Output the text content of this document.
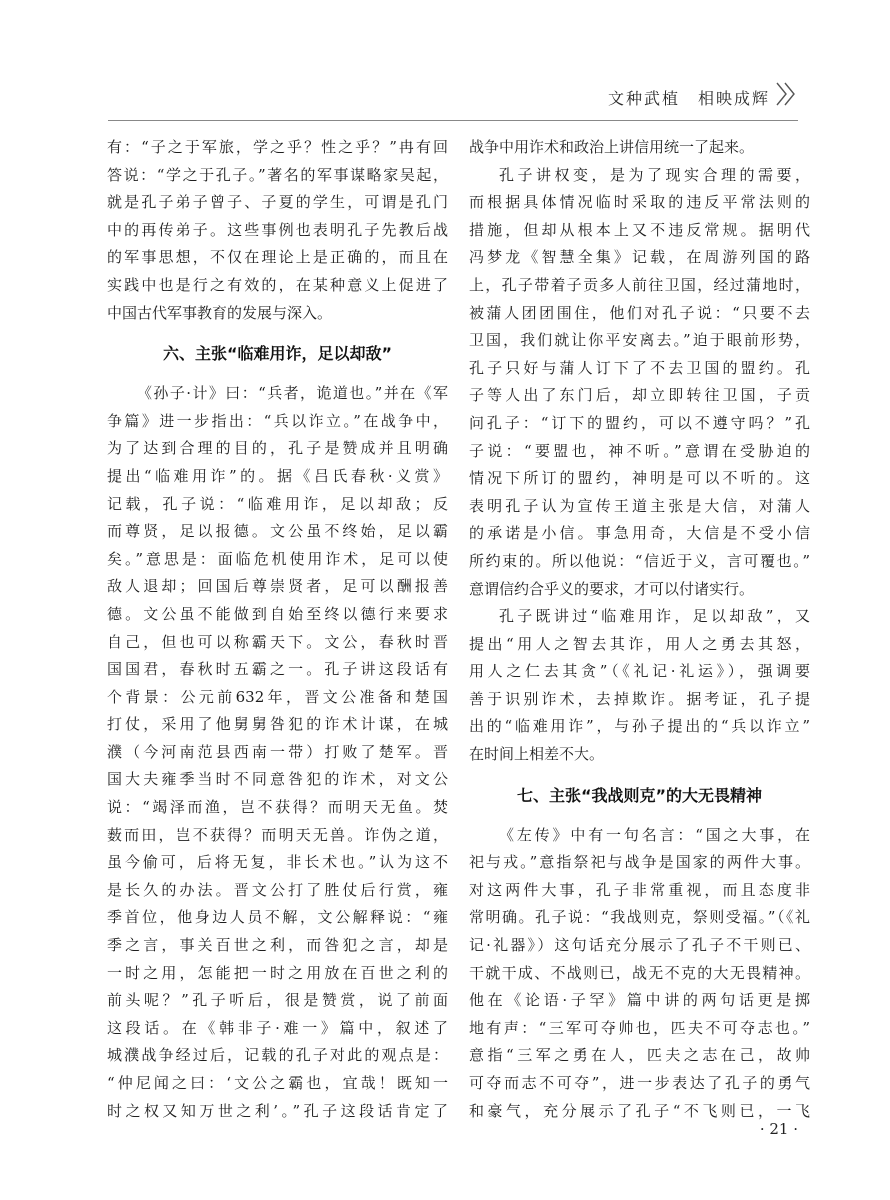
文种武植　相映成辉
有：“子之于军旅，学之乎？性之乎？”冉有回
答说：“学之于孔子。”著名的军事谋略家吴起，
就是孔子弟子曾子、子夏的学生，可谓是孔门
中的再传弟子。这些事例也表明孔子先教后战
的军事思想，不仅在理论上是正确的，而且在
实践中也是行之有效的，在某种意义上促进了
中国古代军事教育的发展与深入。
六、主张“临难用诈，足以却敌”
《孙子·计》曰：“兵者，诡道也。”并在《军
争篇》进一步指出：“兵以诈立。”在战争中，
为了达到合理的目的，孔子是赞成并且明确
提出“临难用诈”的。据《吕氏春秋·义赏》
记载，孔子说：“临难用诈，足以却敌；反
而尊贤，足以报德。文公虽不终始，足以霸
矣。”意思是：面临危机使用诈术，足可以使
敌人退却；回国后尊崇贤者，足可以酬报善
德。文公虽不能做到自始至终以德行来要求
自己，但也可以称霸天下。文公，春秋时晋
国国君，春秋时五霸之一。孔子讲这段话有
个背景：公元前632年，晋文公准备和楚国
打仗，采用了他舅舅咎犯的诈术计谋，在城
濮（今河南范县西南一带）打败了楚军。晋
国大夫雍季当时不同意咎犯的诈术，对文公
说：“竭泽而渔，岂不获得？而明天无鱼。焚
薮而田，岂不获得？而明天无兽。诈伪之道，
虽今偷可，后将无复，非长术也。”认为这不
是长久的办法。晋文公打了胜仗后行赏，雍
季首位，他身边人员不解，文公解释说：“雍
季之言，事关百世之利，而咎犯之言，却是
一时之用，怎能把一时之用放在百世之利的
前头呢？”孔子听后，很是赞赏，说了前面
这段话。在《韩非子·难一》篇中，叙述了
城濮战争经过后，记载的孔子对此的观点是：
“仲尼闻之曰：‘文公之霸也，宜哉！既知一
时之权又知万世之利’。”孔子这段话肯定了
战争中用诈术和政治上讲信用统一了起来。
孔子讲权变，是为了现实合理的需要，
而根据具体情况临时采取的违反平常法则的
措施，但却从根本上又不违反常规。据明代
冯梦龙《智慧全集》记载，在周游列国的路
上，孔子带着子贡多人前往卫国，经过蒲地时，
被蒲人团团围住，他们对孔子说：“只要不去
卫国，我们就让你平安离去。”迫于眼前形势，
孔子只好与蒲人订下了不去卫国的盟约。孔
子等人出了东门后，却立即转往卫国，子贡
问孔子：“订下的盟约，可以不遵守吗？”孔
子说：“要盟也，神不听。”意谓在受胁迫的
情况下所订的盟约，神明是可以不听的。这
表明孔子认为宣传王道主张是大信，对蒲人
的承诺是小信。事急用奇，大信是不受小信
所约束的。所以他说：“信近于义，言可覆也。”
意谓信约合乎义的要求，才可以付诸实行。
孔子既讲过“临难用诈，足以却敌”，又
提出“用人之智去其诈，用人之勇去其怒，
用人之仁去其贪”（《礼记·礼运》），强调要
善于识别诈术，去掉欺诈。据考证，孔子提
出的“临难用诈”，与孙子提出的“兵以诈立”
在时间上相差不大。
七、主张“我战则克”的大无畏精神
《左传》中有一句名言：“国之大事，在
祀与戎。”意指祭祀与战争是国家的两件大事。
对这两件大事，孔子非常重视，而且态度非
常明确。孔子说：“我战则克，祭则受福。”（《礼
记·礼器》）这句话充分展示了孔子不干则已、
干就干成、不战则已，战无不克的大无畏精神。
他在《论语·子罕》篇中讲的两句话更是掷
地有声：“三军可夺帅也，匹夫不可夺志也。”
意指“三军之勇在人，匹夫之志在己，故帅
可夺而志不可夺”，进一步表达了孔子的勇气
和豪气，充分展示了孔子“不飞则已，一飞
· 21 ·
